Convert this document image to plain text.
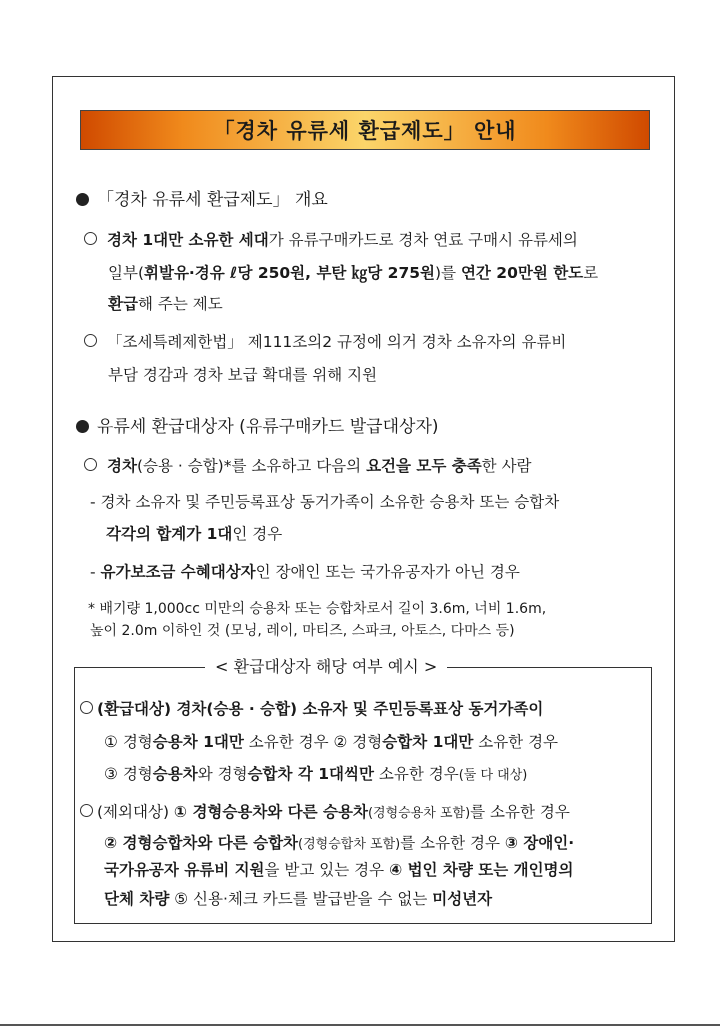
「경차 유류세 환급제도」 안내
「경차 유류세 환급제도」 개요
경차 1대만 소유한 세대가 유류구매카드로 경차 연료 구매시 유류세의
일부(휘발유·경유 ℓ당 250원, 부탄 ㎏당 275원)를 연간 20만원 한도로
환급해 주는 제도
「조세특례제한법」 제111조의2 규정에 의거 경차 소유자의 유류비
부담 경감과 경차 보급 확대를 위해 지원
유류세 환급대상자 (유류구매카드 발급대상자)
경차(승용 · 승합)*를 소유하고 다음의 요건을 모두 충족한 사람
- 경차 소유자 및 주민등록표상 동거가족이 소유한 승용차 또는 승합차
각각의 합계가 1대인 경우
- 유가보조금 수혜대상자인 장애인 또는 국가유공자가 아닌 경우
* 배기량 1,000cc 미만의 승용차 또는 승합차로서 길이 3.6m, 너비 1.6m,
높이 2.0m 이하인 것 (모닝, 레이, 마티즈, 스파크, 아토스, 다마스 등)
< 환급대상자 해당 여부 예시 >
(환급대상) 경차(승용 · 승합) 소유자 및 주민등록표상 동거가족이
① 경형승용차 1대만 소유한 경우 ② 경형승합차 1대만 소유한 경우
③ 경형승용차와 경형승합차 각 1대씩만 소유한 경우(둘 다 대상)
(제외대상) ① 경형승용차와 다른 승용차(경형승용차 포함)를 소유한 경우
② 경형승합차와 다른 승합차(경형승합차 포함)를 소유한 경우 ③ 장애인·
국가유공자 유류비 지원을 받고 있는 경우 ④ 법인 차량 또는 개인명의
단체 차량 ⑤ 신용·체크 카드를 발급받을 수 없는 미성년자
